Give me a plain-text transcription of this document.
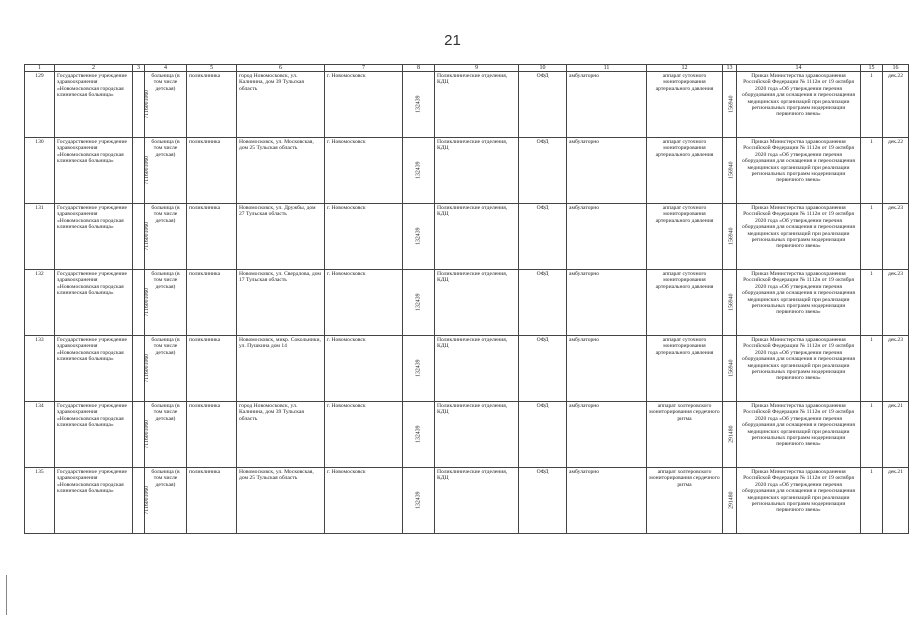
21
1	2	3	4	5	6	7	8	9	10	11	12	13	14	15	16
129	Государственное учреждение здравоохранения «Новомосковская городская клиническая больница»	7116001060	больница (в том числе детская)	поликлиника	город Новомосковск, ул. Калинина, дом 39 Тульская область	г. Новомосковск	132439	Поликлинические отделения, КДЦ	ОФД	амбулаторно	аппарат суточного мониторирования артериального давления	156940	Приказ Министерства здравоохранения Российской Федерации № 1112н от 19 октября 2020 года «Об утверждении перечня оборудования для оснащения и переоснащения медицинских организаций при реализации региональных программ модернизации первичного звена»	1	дек.22
130	Государственное учреждение здравоохранения «Новомосковская городская клиническая больница»	7116001060	больница (в том числе детская)	поликлиника	Новомосковск, ул. Московская, дом 25 Тульская область	г. Новомосковск	132439	Поликлинические отделения, КДЦ	ОФД	амбулаторно	аппарат суточного мониторирования артериального давления	156940	Приказ Министерства здравоохранения Российской Федерации № 1112н от 19 октября 2020 года «Об утверждении перечня оборудования для оснащения и переоснащения медицинских организаций при реализации региональных программ модернизации первичного звена»	1	дек.22
131	Государственное учреждение здравоохранения «Новомосковская городская клиническая больница»	7116001060	больница (в том числе детская)	поликлиника	Новомосковск, ул. Дружбы, дом 27 Тульская область	г. Новомосковск	132439	Поликлинические отделения, КДЦ	ОФД	амбулаторно	аппарат суточного мониторирования артериального давления	156940	Приказ Министерства здравоохранения Российской Федерации № 1112н от 19 октября 2020 года «Об утверждении перечня оборудования для оснащения и переоснащения медицинских организаций при реализации региональных программ модернизации первичного звена»	1	дек.23
132	Государственное учреждение здравоохранения «Новомосковская городская клиническая больница»	7116001060	больница (в том числе детская)	поликлиника	Новомосковск, ул. Свердлова, дом 17 Тульская область	г. Новомосковск	132439	Поликлинические отделения, КДЦ	ОФД	амбулаторно	аппарат суточного мониторирования артериального давления	156940	Приказ Министерства здравоохранения Российской Федерации № 1112н от 19 октября 2020 года «Об утверждении перечня оборудования для оснащения и переоснащения медицинских организаций при реализации региональных программ модернизации первичного звена»	1	дек.23
133	Государственное учреждение здравоохранения «Новомосковская городская клиническая больница»	7116001060	больница (в том числе детская)	поликлиника	Новомосковск, микр. Сокольники, ул. Пушкина дом 14	г. Новомосковск	132439	Поликлинические отделения, КДЦ	ОФД	амбулаторно	аппарат суточного мониторирования артериального давления	156940	Приказ Министерства здравоохранения Российской Федерации № 1112н от 19 октября 2020 года «Об утверждении перечня оборудования для оснащения и переоснащения медицинских организаций при реализации региональных программ модернизации первичного звена»	1	дек.23
134	Государственное учреждение здравоохранения «Новомосковская городская клиническая больница»	7116001060	больница (в том числе детская)	поликлиника	город Новомосковск, ул. Калинина, дом 39 Тульская область	г. Новомосковск	132439	Поликлинические отделения, КДЦ	ОФД	амбулаторно	аппарат холтеровского мониторирования сердечного ритма	291480	Приказ Министерства здравоохранения Российской Федерации № 1112н от 19 октября 2020 года «Об утверждении перечня оборудования для оснащения и переоснащения медицинских организаций при реализации региональных программ модернизации первичного звена»	1	дек.21
135	Государственное учреждение здравоохранения «Новомосковская городская клиническая больница»	7116001060	больница (в том числе детская)	поликлиника	Новомосковск, ул. Московская, дом 25 Тульская область	г. Новомосковск	132439	Поликлинические отделения, КДЦ	ОФД	амбулаторно	аппарат холтеровского мониторирования сердечного ритма	291480	Приказ Министерства здравоохранения Российской Федерации № 1112н от 19 октября 2020 года «Об утверждении перечня оборудования для оснащения и переоснащения медицинских организаций при реализации региональных программ модернизации первичного звена»	1	дек.21
